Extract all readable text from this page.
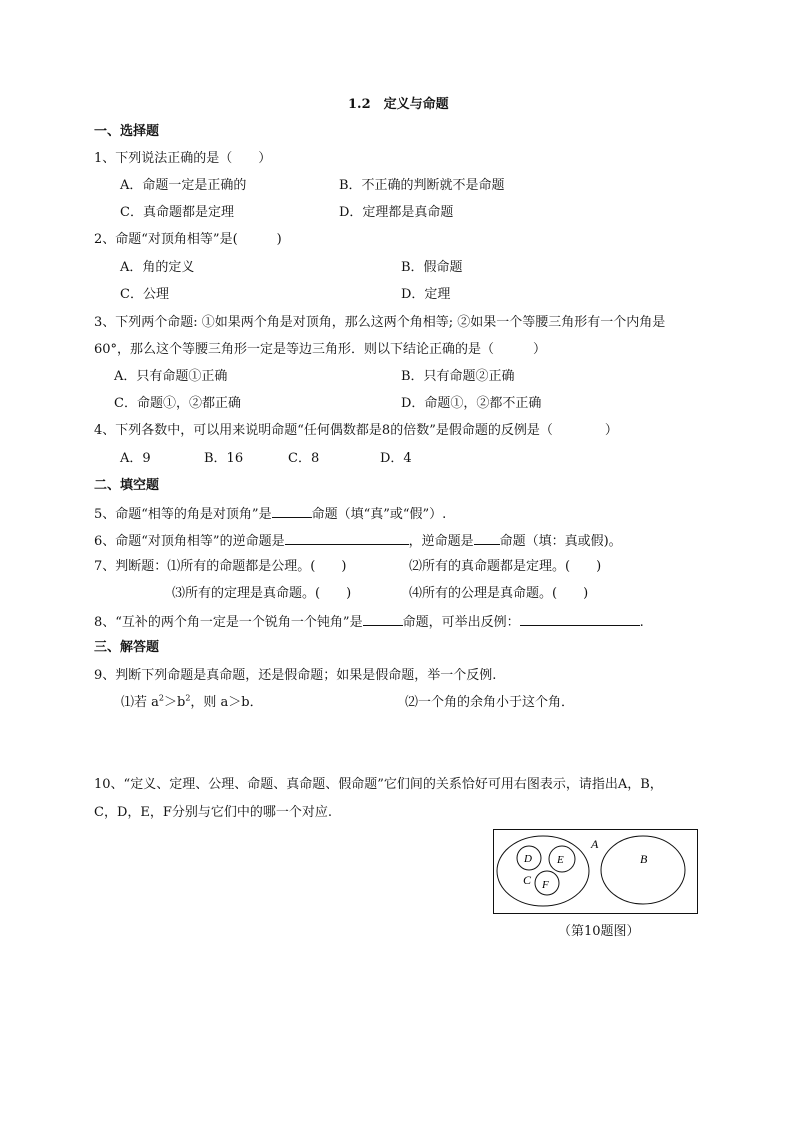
1.2　定义与命题
一、选择题
1、下列说法正确的是（　　）
A．命题一定是正确的	B．不正确的判断就不是命题
C．真命题都是定理	D．定理都是真命题
2、命题“对顶角相等”是(　　　)
A．角的定义	B．假命题
C．公理	D．定理
3、下列两个命题: ①如果两个角是对顶角，那么这两个角相等; ②如果一个等腰三角形有一个内角是
60°，那么这个等腰三角形一定是等边三角形．则以下结论正确的是（　　　）
A．只有命题①正确	B．只有命题②正确
C．命题①，②都正确	D．命题①，②都不正确
4、下列各数中，可以用来说明命题“任何偶数都是8的倍数”是假命题的反例是（　　　　）
A．9	B．16	C．8	D．4
二、填空题
5、命题“相等的角是对顶角”是	命题（填“真”或“假”）.
6、命题“对顶角相等”的逆命题是	，逆命题是 命题（填：真或假)。
7、判断题：⑴所有的命题都是公理。(　　)	⑵所有的真命题都是定理。(　　)
⑶所有的定理是真命题。(　　)	⑷所有的公理是真命题。(　　)
8、“互补的两个角一定是一个锐角一个钝角”是	命题，可举出反例：	.
三、解答题
9、判断下列命题是真命题，还是假命题；如果是假命题，举一个反例.
⑴若 $a^2>b^2$，则 a＞b．	⑵一个角的余角小于这个角．
10、“定义、定理、公理、命题、真命题、假命题”它们间的关系恰好可用右图表示，请指出A，B，
C，D，E，F分别与它们中的哪一个对应.
A
B
C
D E
F
（第10题图）
